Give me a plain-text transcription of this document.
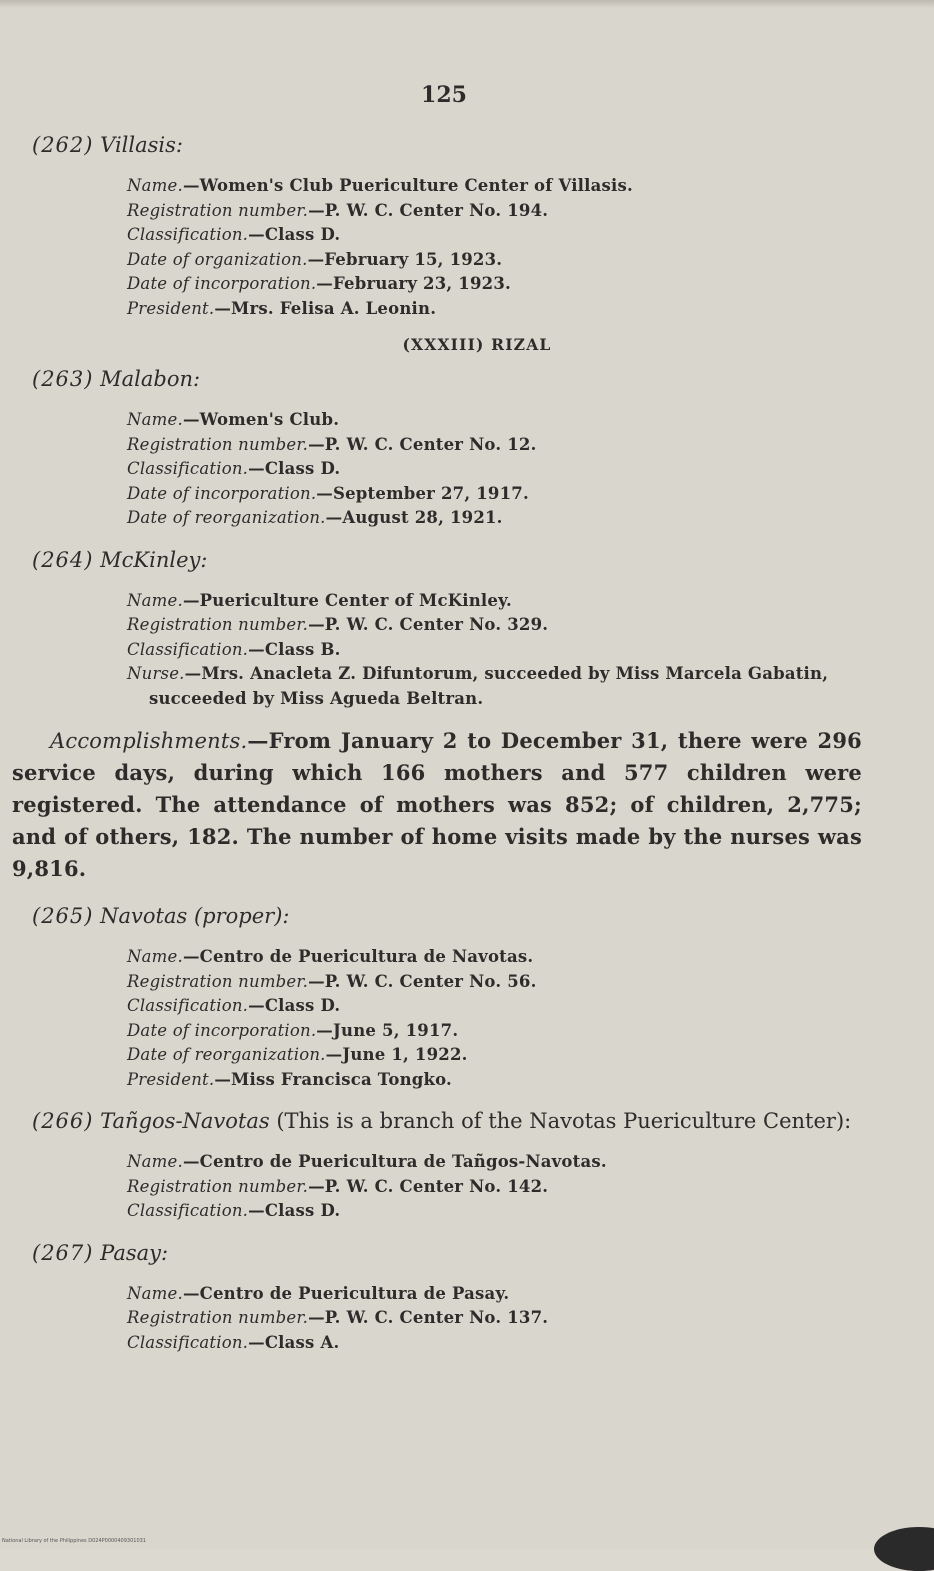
125
(262) Villasis:
Name.—Women's Club Puericulture Center of Villasis.
Registration number.—P. W. C. Center No. 194.
Classification.—Class D.
Date of organization.—February 15, 1923.
Date of incorporation.—February 23, 1923.
President.—Mrs. Felisa A. Leonin.
(XXXIII) RIZAL
(263) Malabon:
Name.—Women's Club.
Registration number.—P. W. C. Center No. 12.
Classification.—Class D.
Date of incorporation.—September 27, 1917.
Date of reorganization.—August 28, 1921.
(264) McKinley:
Name.—Puericulture Center of McKinley.
Registration number.—P. W. C. Center No. 329.
Classification.—Class B.
Nurse.—Mrs. Anacleta Z. Difuntorum, succeeded by Miss Marcela Gabatin, succeeded by Miss Agueda Beltran.

Accomplishments.—From January 2 to December 31, there were 296 service days, during which 166 mothers and 577 children were registered. The attendance of mothers was 852; of children, 2,775; and of others, 182. The number of home visits made by the nurses was 9,816.

(265) Navotas (proper):
Name.—Centro de Puericultura de Navotas.
Registration number.—P. W. C. Center No. 56.
Classification.—Class D.
Date of incorporation.—June 5, 1917.
Date of reorganization.—June 1, 1922.
President.—Miss Francisca Tongko.
(266) Tañgos-Navotas (This is a branch of the Navotas Puericulture Center):
Name.—Centro de Puericultura de Tañgos-Navotas.
Registration number.—P. W. C. Center No. 142.
Classification.—Class D.
(267) Pasay:
Name.—Centro de Puericultura de Pasay.
Registration number.—P. W. C. Center No. 137.
Classification.—Class A.
National Library of the Philippines D024P0000409301031
